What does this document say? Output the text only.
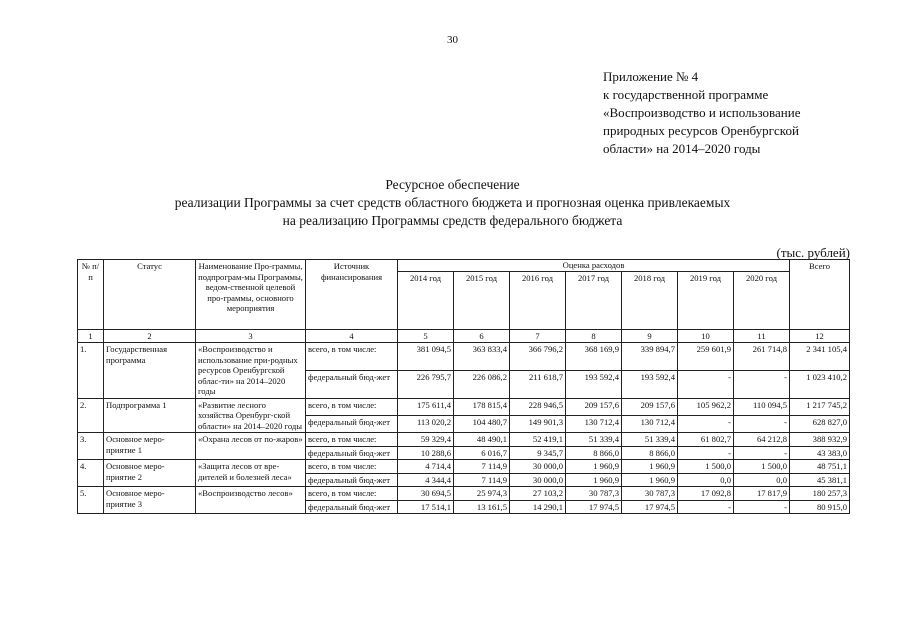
30
Приложение № 4
к государственной программе
«Воспроизводство и использование
природных ресурсов Оренбургской
области» на 2014–2020 годы
Ресурсное обеспечение
реализации Программы за счет средств областного бюджета и прогнозная оценка привлекаемых
на реализацию Программы средств федерального бюджета
(тыс. рублей)
№ п/п	Статус	Наименование Про-граммы, подпрограм-мы Программы, ведом-ственной целевой про-граммы, основного мероприятия	Источник финансирования	Оценка расходов							Всего
				2014 год	2015 год	2016 год	2017 год	2018 год	2019 год	2020 год	
1	2	3	4	5	6	7	8	9	10	11	12
1.	Государственная программа	«Воспроизводство и использование при-родных ресурсов Оренбургской облас-ти» на 2014–2020 годы	всего, в том числе:	381 094,5	363 833,4	366 796,2	368 169,9	339 894,7	259 601,9	261 714,8	2 341 105,4
			федеральный бюд-жет	226 795,7	226 086,2	211 618,7	193 592,4	193 592,4	-	-	1 023 410,2
2.	Подпрограмма 1	«Развитие лесного хозяйства Оренбург-ской области» на 2014–2020 годы	всего, в том числе:	175 611,4	178 815,4	228 946,5	209 157,6	209 157,6	105 962,2	110 094,5	1 217 745,2
			федеральный бюд-жет	113 020,2	104 480,7	149 901,3	130 712,4	130 712,4	-	-	628 827,0
3.	Основное меро-приятие 1	«Охрана лесов от по-жаров»	всего, в том числе:	59 329,4	48 490,1	52 419,1	51 339,4	51 339,4	61 802,7	64 212,8	388 932,9
			федеральный бюд-жет	10 288,6	6 016,7	9 345,7	8 866,0	8 866,0	-	-	43 383,0
4.	Основное меро-приятие 2	«Защита лесов от вре-дителей и болезней леса»	всего, в том числе:	4 714,4	7 114,9	30 000,0	1 960,9	1 960,9	1 500,0	1 500,0	48 751,1
			федеральный бюд-жет	4 344,4	7 114,9	30 000,0	1 960,9	1 960,9	0,0	0,0	45 381,1
5.	Основное меро-приятие 3	«Воспроизводство лесов»	всего, в том числе:	30 694,5	25 974,3	27 103,2	30 787,3	30 787,3	17 092,8	17 817,9	180 257,3
			федеральный бюд-жет	17 514,1	13 161,5	14 290,1	17 974,5	17 974,5	-	-	80 915,0
